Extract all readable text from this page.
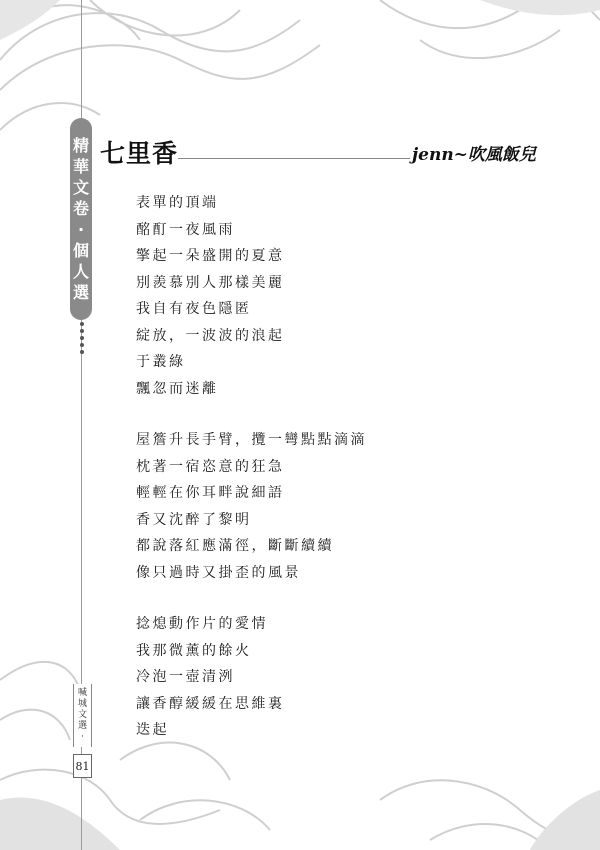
精
華
文
卷
·
個
人
選
喊
城
文
選
·
81
七里香	jenn~吹風飯兒
表單的頂端
酩酊一夜風雨
擎起一朵盛開的夏意
別羨慕別人那樣美麗
我自有夜色隱匿
綻放，一波波的浪起
于叢綠
飄忽而迷離
屋簷升長手臂，攬一彎點點滴滴
枕著一宿恣意的狂急
輕輕在你耳畔說細語
香又沈醉了黎明
都說落紅應滿徑，斷斷續續
像只過時又掛歪的風景
捻熄動作片的愛情
我那微薰的餘火
冷泡一壺清洌
讓香醇緩緩在思維裏
迭起
